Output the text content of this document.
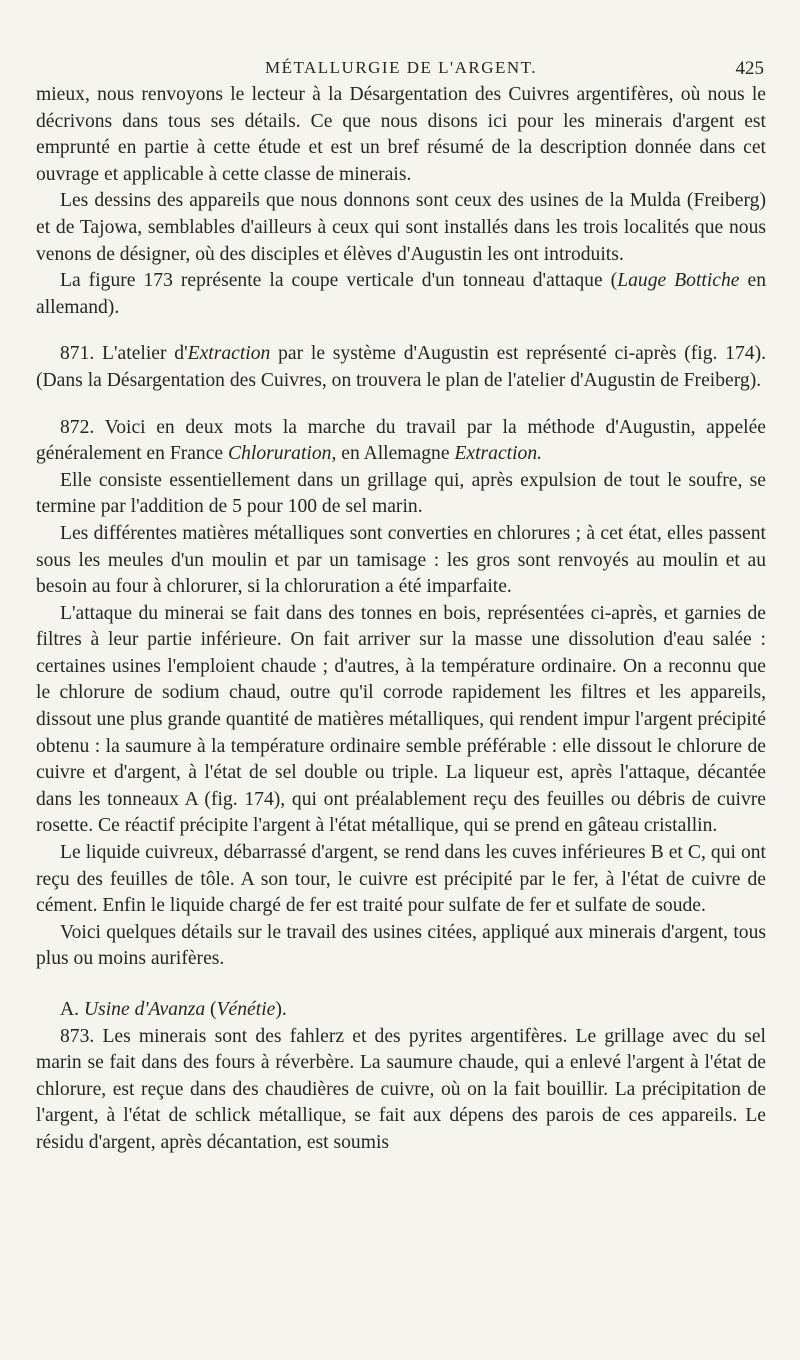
MÉTALLURGIE DE L'ARGENT.	425

mieux, nous renvoyons le lecteur à la Désargentation des Cuivres argentifères, où nous le décrivons dans tous ses détails. Ce que nous disons ici pour les minerais d'argent est emprunté en partie à cette étude et est un bref résumé de la description donnée dans cet ouvrage et applicable à cette classe de minerais.

Les dessins des appareils que nous donnons sont ceux des usines de la Mulda (Freiberg) et de Tajowa, semblables d'ailleurs à ceux qui sont installés dans les trois localités que nous venons de désigner, où des disciples et élèves d'Augustin les ont introduits.

La figure 173 représente la coupe verticale d'un tonneau d'attaque (Lauge Bottiche en allemand).

871. L'atelier d'Extraction par le système d'Augustin est représenté ci-après (fig. 174). (Dans la Désargentation des Cuivres, on trouvera le plan de l'atelier d'Augustin de Freiberg).

872. Voici en deux mots la marche du travail par la méthode d'Augustin, appelée généralement en France Chloruration, en Allemagne Extraction.

Elle consiste essentiellement dans un grillage qui, après expulsion de tout le soufre, se termine par l'addition de 5 pour 100 de sel marin.

Les différentes matières métalliques sont converties en chlorures ; à cet état, elles passent sous les meules d'un moulin et par un tamisage : les gros sont renvoyés au moulin et au besoin au four à chlorurer, si la chloruration a été imparfaite.

L'attaque du minerai se fait dans des tonnes en bois, représentées ci-après, et garnies de filtres à leur partie inférieure. On fait arriver sur la masse une dissolution d'eau salée : certaines usines l'emploient chaude ; d'autres, à la température ordinaire. On a reconnu que le chlorure de sodium chaud, outre qu'il corrode rapidement les filtres et les appareils, dissout une plus grande quantité de matières métalliques, qui rendent impur l'argent précipité obtenu : la saumure à la température ordinaire semble préférable : elle dissout le chlorure de cuivre et d'argent, à l'état de sel double ou triple. La liqueur est, après l'attaque, décantée dans les tonneaux A (fig. 174), qui ont préalablement reçu des feuilles ou débris de cuivre rosette. Ce réactif précipite l'argent à l'état métallique, qui se prend en gâteau cristallin.

Le liquide cuivreux, débarrassé d'argent, se rend dans les cuves inférieures B et C, qui ont reçu des feuilles de tôle. A son tour, le cuivre est précipité par le fer, à l'état de cuivre de cément. Enfin le liquide chargé de fer est traité pour sulfate de fer et sulfate de soude.

Voici quelques détails sur le travail des usines citées, appliqué aux minerais d'argent, tous plus ou moins aurifères.

A. Usine d'Avanza (Vénétie).

873. Les minerais sont des fahlerz et des pyrites argentifères. Le grillage avec du sel marin se fait dans des fours à réverbère. La saumure chaude, qui a enlevé l'argent à l'état de chlorure, est reçue dans des chaudières de cuivre, où on la fait bouillir. La précipitation de l'argent, à l'état de schlick métallique, se fait aux dépens des parois de ces appareils. Le résidu d'argent, après décantation, est soumis
